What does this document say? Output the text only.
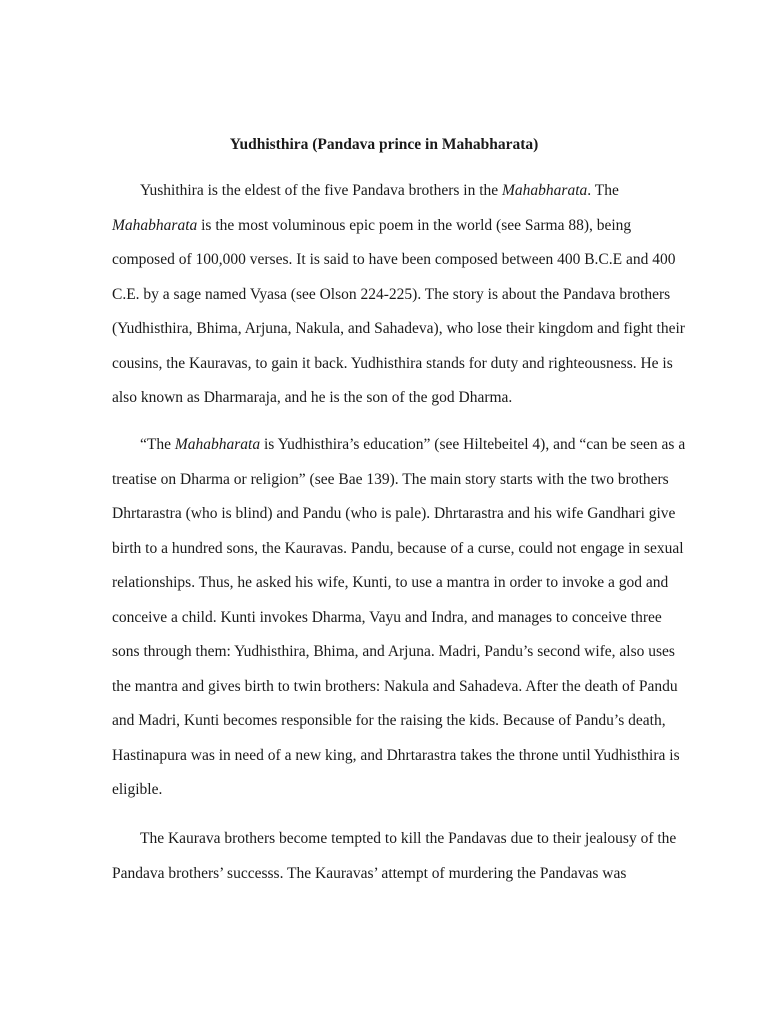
Yudhisthira (Pandava prince in Mahabharata)
Yushithira is the eldest of the five Pandava brothers in the Mahabharata. The
Mahabharata is the most voluminous epic poem in the world (see Sarma 88), being
composed of 100,000 verses. It is said to have been composed between 400 B.C.E and 400
C.E. by a sage named Vyasa (see Olson 224-225). The story is about the Pandava brothers
(Yudhisthira, Bhima, Arjuna, Nakula, and Sahadeva), who lose their kingdom and fight their
cousins, the Kauravas, to gain it back. Yudhisthira stands for duty and righteousness. He is
also known as Dharmaraja, and he is the son of the god Dharma.
“The Mahabharata is Yudhisthira’s education” (see Hiltebeitel 4), and “can be seen as a
treatise on Dharma or religion” (see Bae 139). The main story starts with the two brothers
Dhrtarastra (who is blind) and Pandu (who is pale). Dhrtarastra and his wife Gandhari give
birth to a hundred sons, the Kauravas. Pandu, because of a curse, could not engage in sexual
relationships. Thus, he asked his wife, Kunti, to use a mantra in order to invoke a god and
conceive a child. Kunti invokes Dharma, Vayu and Indra, and manages to conceive three
sons through them: Yudhisthira, Bhima, and Arjuna. Madri, Pandu’s second wife, also uses
the mantra and gives birth to twin brothers: Nakula and Sahadeva. After the death of Pandu
and Madri, Kunti becomes responsible for the raising the kids. Because of Pandu’s death,
Hastinapura was in need of a new king, and Dhrtarastra takes the throne until Yudhisthira is
eligible.
The Kaurava brothers become tempted to kill the Pandavas due to their jealousy of the
Pandava brothers’ successs. The Kauravas’ attempt of murdering the Pandavas was
